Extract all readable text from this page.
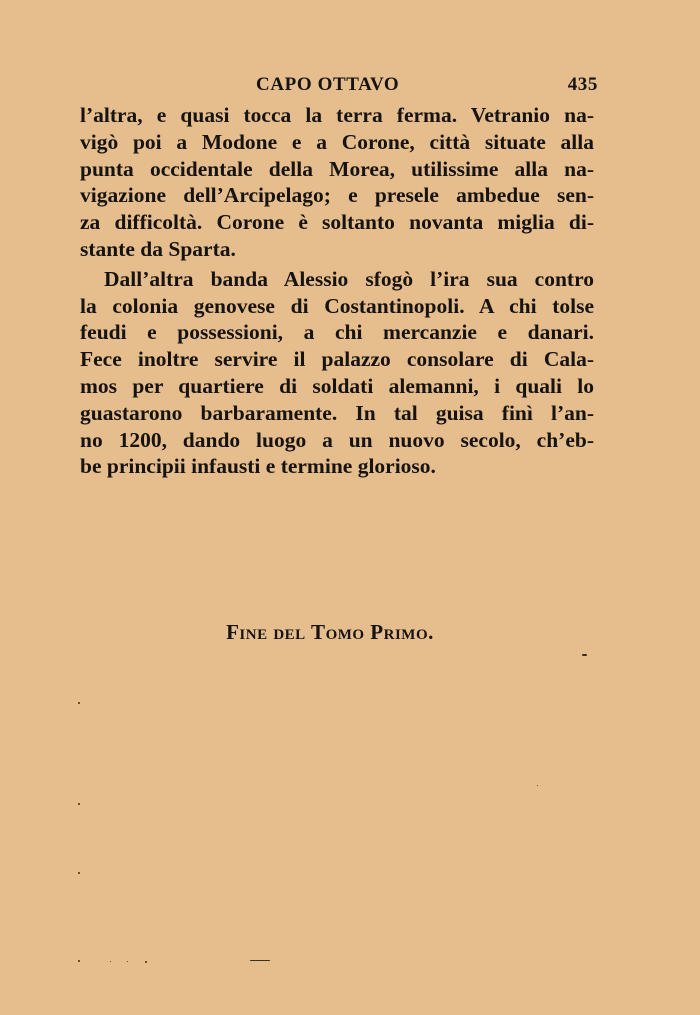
CAPO OTTAVO	435
l’altra, e quasi tocca la terra ferma. Vetranio na-
vigò poi a Modone e a Corone, città situate alla
punta occidentale della Morea, utilissime alla na-
vigazione dell’Arcipelago; e presele ambedue sen-
za difficoltà. Corone è soltanto novanta miglia di-
stante da Sparta.
Dall’altra banda Alessio sfogò l’ira sua contro
la colonia genovese di Costantinopoli. A chi tolse
feudi e possessioni, a chi mercanzie e danari.
Fece inoltre servire il palazzo consolare di Cala-
mos per quartiere di soldati alemanni, i quali lo
guastarono barbaramente. In tal guisa finì l’an-
no 1200, dando luogo a un nuovo secolo, ch’eb-
be principii infausti e termine glorioso.
Fine del Tomo Primo.
